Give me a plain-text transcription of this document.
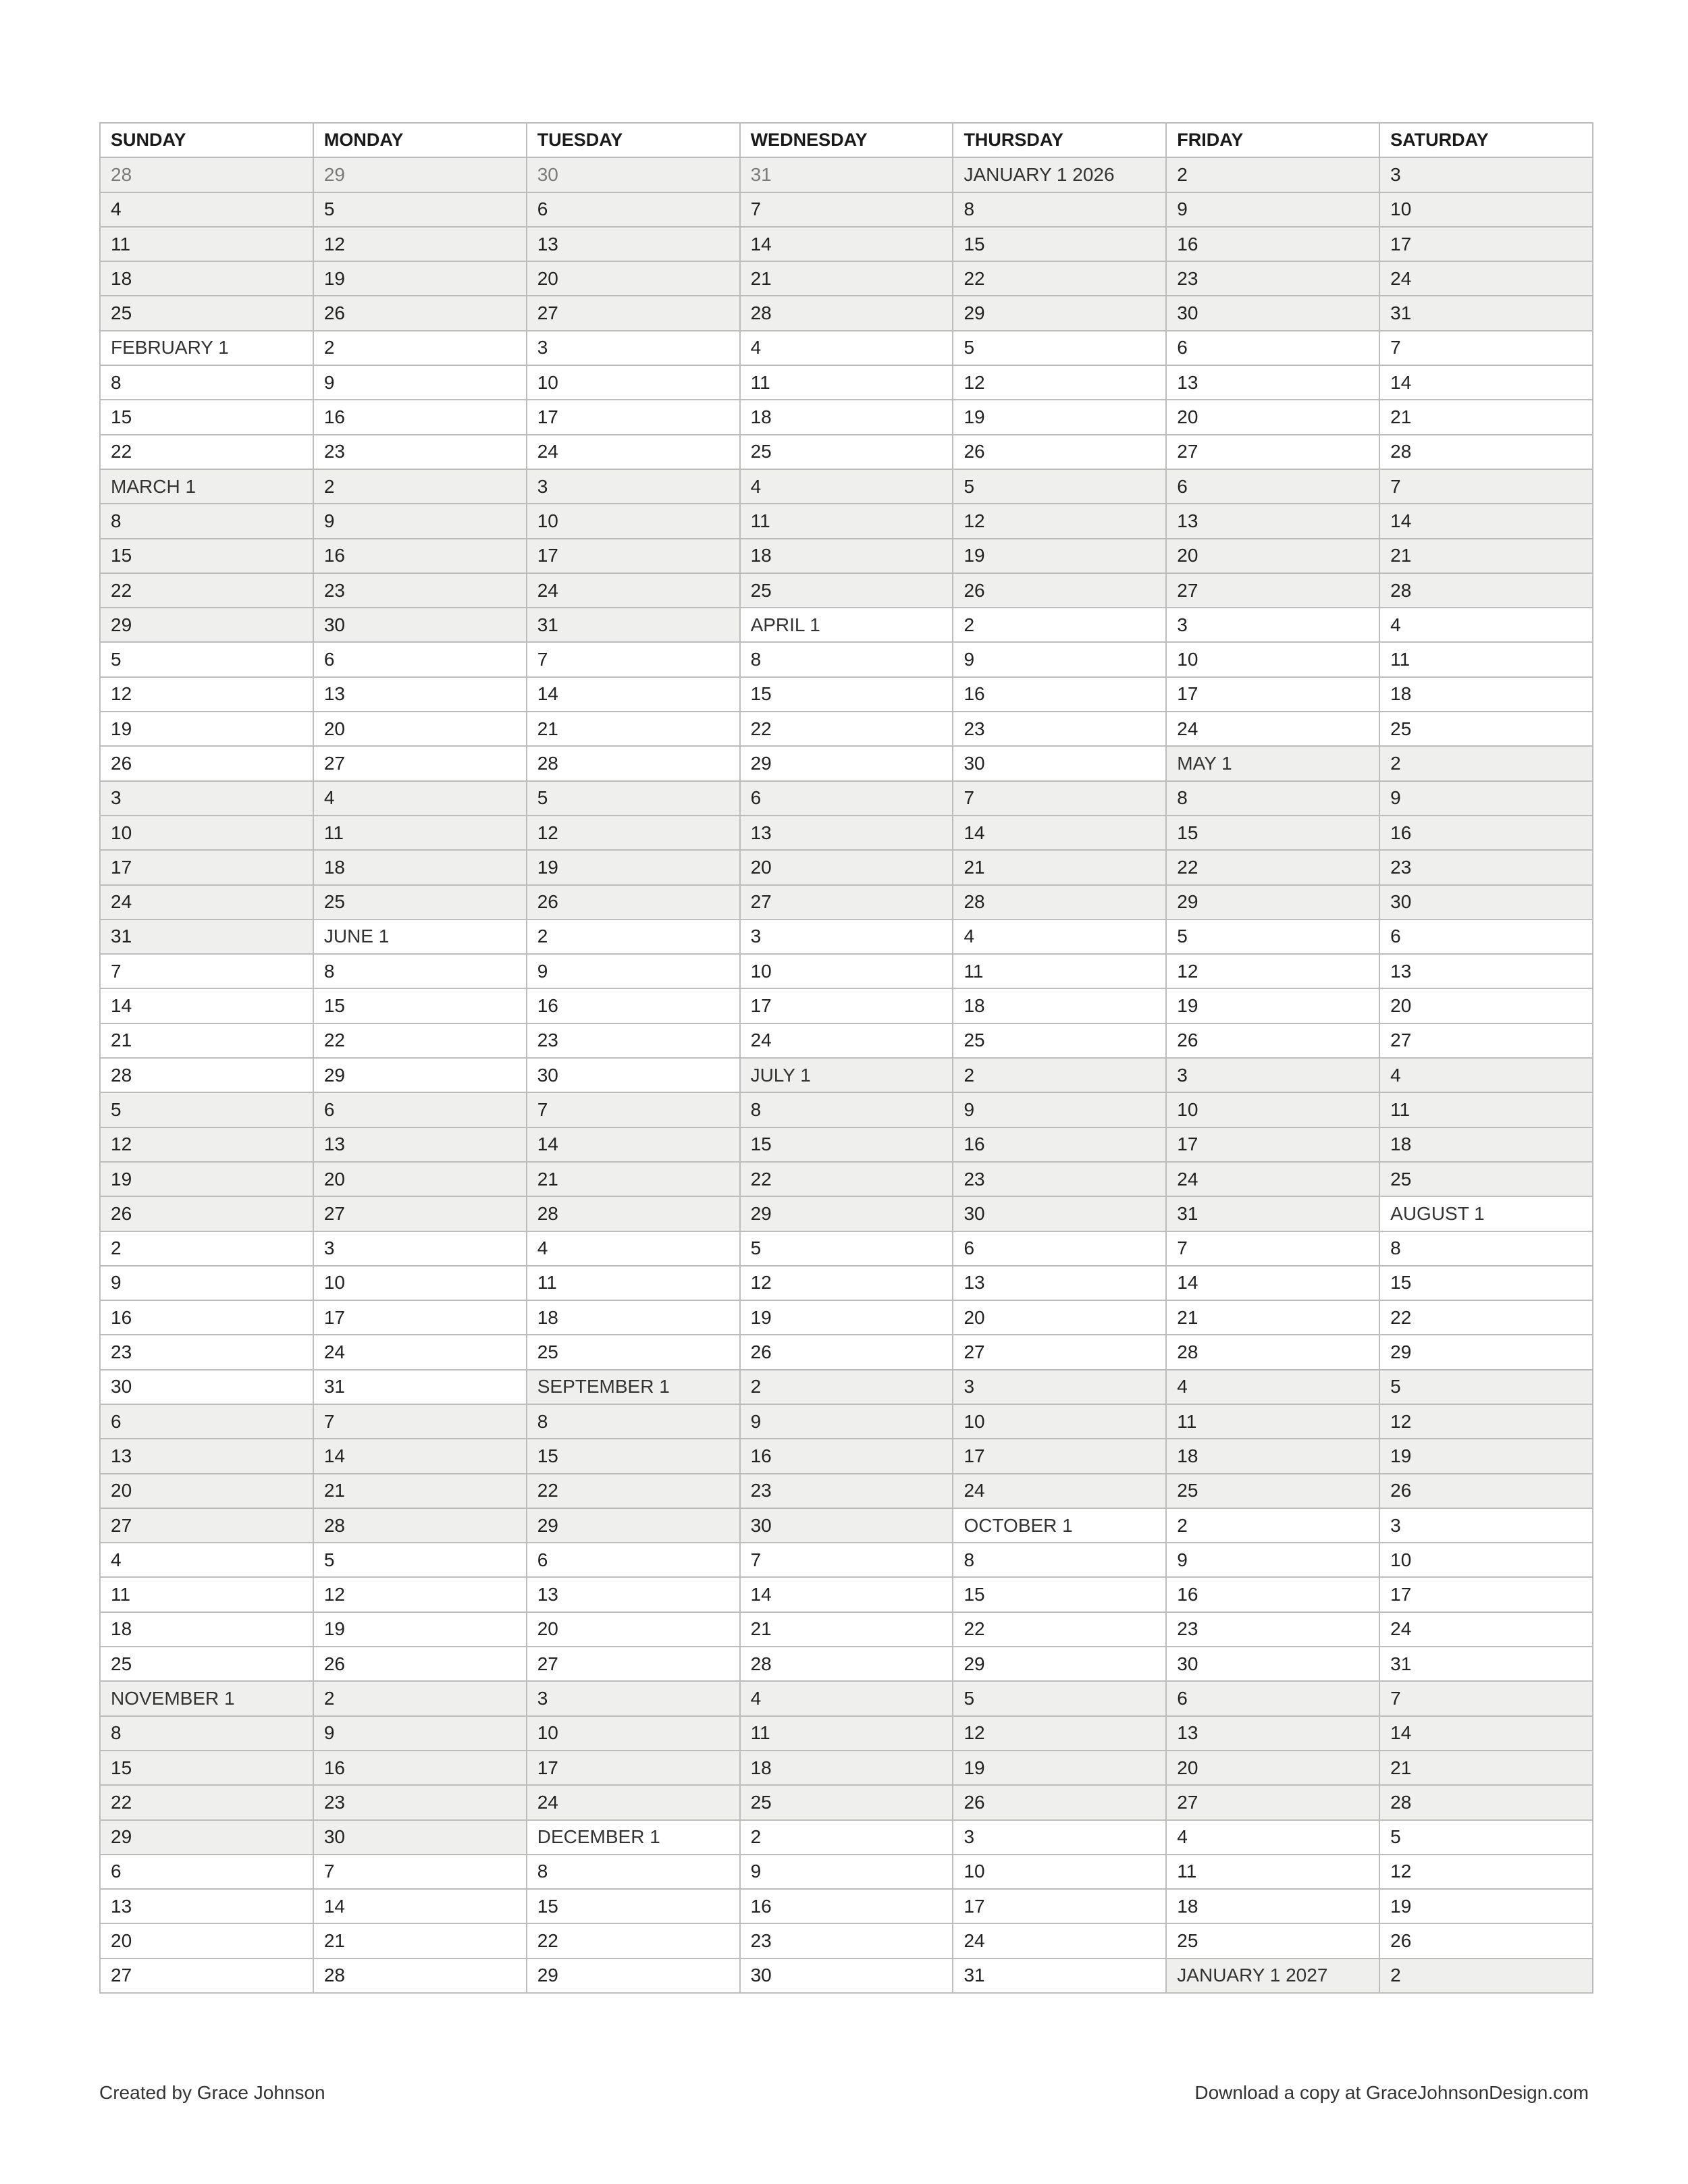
SUNDAY	MONDAY	TUESDAY	WEDNESDAY	THURSDAY	FRIDAY	SATURDAY
28	29	30	31	JANUARY 1 2026	2	3
4	5	6	7	8	9	10
11	12	13	14	15	16	17
18	19	20	21	22	23	24
25	26	27	28	29	30	31
FEBRUARY 1	2	3	4	5	6	7
8	9	10	11	12	13	14
15	16	17	18	19	20	21
22	23	24	25	26	27	28
MARCH 1	2	3	4	5	6	7
8	9	10	11	12	13	14
15	16	17	18	19	20	21
22	23	24	25	26	27	28
29	30	31	APRIL 1	2	3	4
5	6	7	8	9	10	11
12	13	14	15	16	17	18
19	20	21	22	23	24	25
26	27	28	29	30	MAY 1	2
3	4	5	6	7	8	9
10	11	12	13	14	15	16
17	18	19	20	21	22	23
24	25	26	27	28	29	30
31	JUNE 1	2	3	4	5	6
7	8	9	10	11	12	13
14	15	16	17	18	19	20
21	22	23	24	25	26	27
28	29	30	JULY 1	2	3	4
5	6	7	8	9	10	11
12	13	14	15	16	17	18
19	20	21	22	23	24	25
26	27	28	29	30	31	AUGUST 1
2	3	4	5	6	7	8
9	10	11	12	13	14	15
16	17	18	19	20	21	22
23	24	25	26	27	28	29
30	31	SEPTEMBER 1	2	3	4	5
6	7	8	9	10	11	12
13	14	15	16	17	18	19
20	21	22	23	24	25	26
27	28	29	30	OCTOBER 1	2	3
4	5	6	7	8	9	10
11	12	13	14	15	16	17
18	19	20	21	22	23	24
25	26	27	28	29	30	31
NOVEMBER 1	2	3	4	5	6	7
8	9	10	11	12	13	14
15	16	17	18	19	20	21
22	23	24	25	26	27	28
29	30	DECEMBER 1	2	3	4	5
6	7	8	9	10	11	12
13	14	15	16	17	18	19
20	21	22	23	24	25	26
27	28	29	30	31	JANUARY 1 2027	2
Created by Grace Johnson	Download a copy at GraceJohnsonDesign.com
